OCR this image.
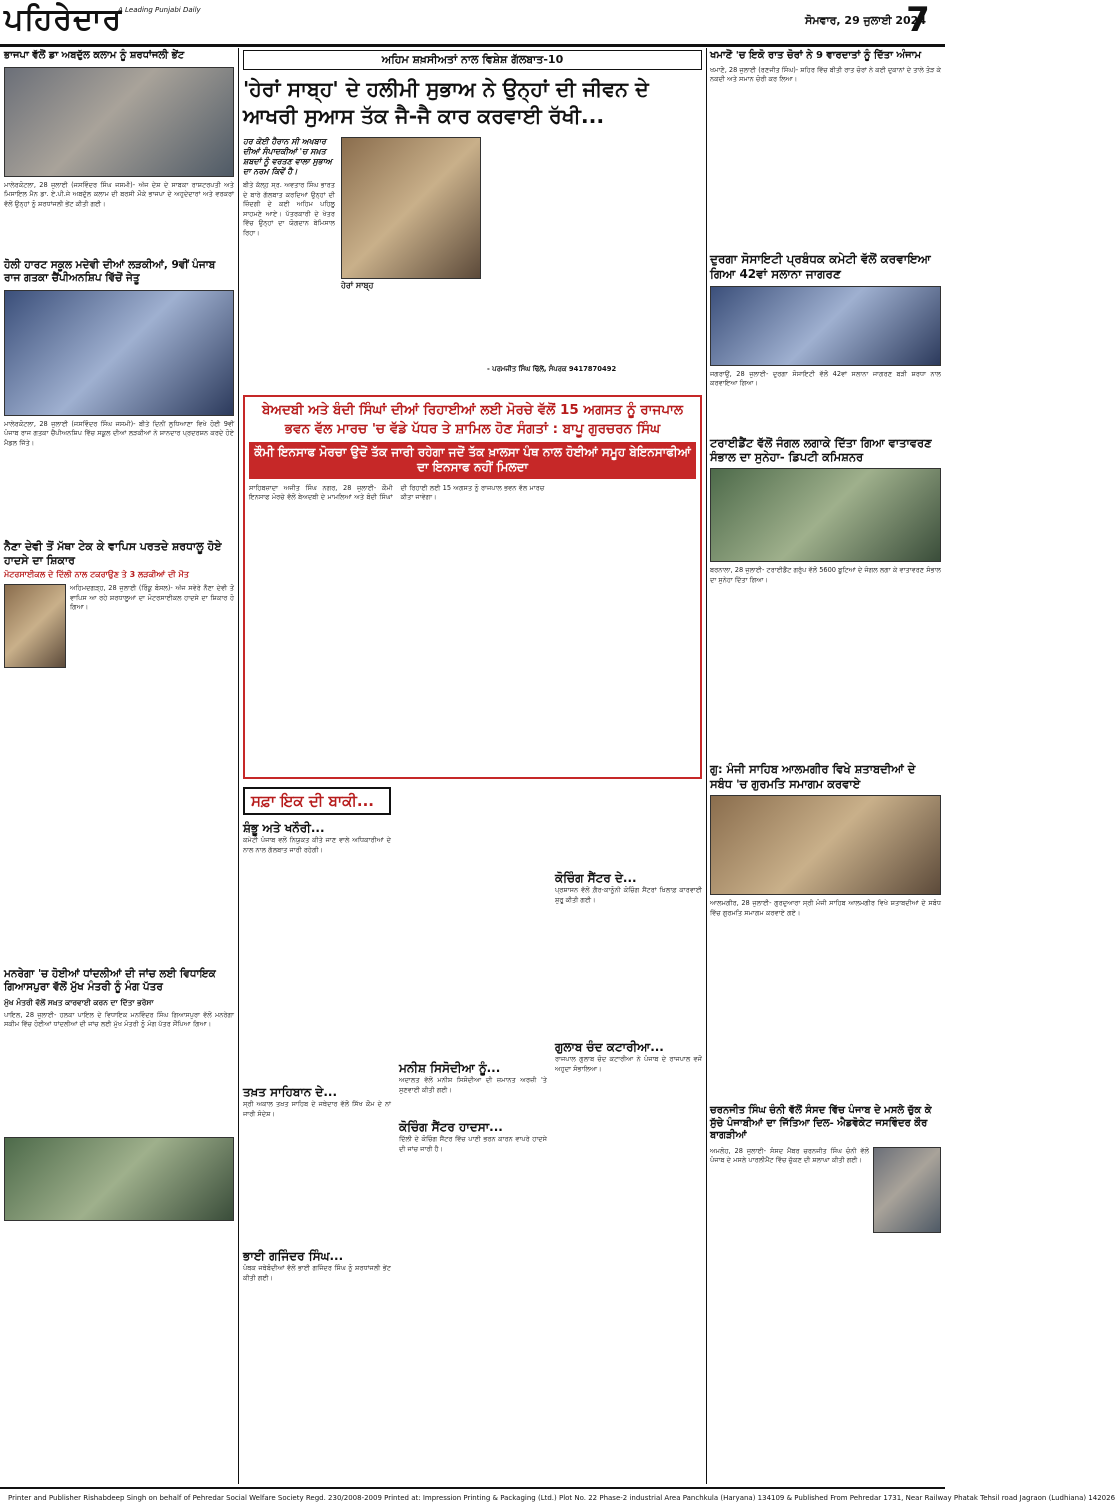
ਪਹਿਰੇਦਾਰ
A Leading Punjabi Daily
ਸੋਮਵਾਰ, 29 ਜੁਲਾਈ 2024
7
ਭਾਜਪਾ ਵੱਲੋਂ ਡਾ ਅਬਦੁੱਲ ਕਲਾਮ ਨੂੰ ਸ਼ਰਧਾਂਜਲੀ ਭੇਂਟ
ਮਾਲੇਰਕੋਟਲਾ, 28 ਜੁਲਾਈ (ਜਸਵਿੰਦਰ ਸਿੰਘ ਜਸਮੀ)- ਅੱਜ ਦੇਸ਼ ਦੇ ਸਾਬਕਾ ਰਾਸ਼ਟਰਪਤੀ ਅਤੇ ਮਿਸਾਇਲ ਮੈਨ ਡਾ. ਏ.ਪੀ.ਜੇ ਅਬਦੁੱਲ ਕਲਾਮ ਦੀ ਬਰਸੀ ਮੌਕੇ ਭਾਜਪਾ ਦੇ ਅਹੁਦੇਦਾਰਾਂ ਅਤੇ ਵਰਕਰਾਂ ਵੱਲੋਂ ਉਨ੍ਹਾਂ ਨੂੰ ਸ਼ਰਧਾਂਜਲੀ ਭੇਂਟ ਕੀਤੀ ਗਈ।
ਹੋਲੀ ਹਾਰਟ ਸਕੂਲ ਮਦੇਵੀ ਦੀਆਂ ਲੜਕੀਆਂ, 9ਵੀਂ ਪੰਜਾਬ ਰਾਜ ਗਤਕਾ ਚੈਂਪੀਅਨਸ਼ਿਪ ਵਿੱਚੋਂ ਜੇਤੂ
ਮਾਲੇਰਕੋਟਲਾ, 28 ਜੁਲਾਈ (ਜਸਵਿੰਦਰ ਸਿੰਘ ਜਸਮੀ)- ਬੀਤੇ ਦਿਨੀਂ ਲੁਧਿਆਣਾ ਵਿਖੇ ਹੋਈ 9ਵੀਂ ਪੰਜਾਬ ਰਾਜ ਗਤਕਾ ਚੈਂਪੀਅਨਸ਼ਿਪ ਵਿੱਚ ਸਕੂਲ ਦੀਆਂ ਲੜਕੀਆਂ ਨੇ ਸ਼ਾਨਦਾਰ ਪ੍ਰਦਰਸ਼ਨ ਕਰਦੇ ਹੋਏ ਮੈਡਲ ਜਿੱਤੇ।
ਨੈਣਾ ਦੇਵੀ ਤੋਂ ਮੱਥਾ ਟੇਕ ਕੇ ਵਾਪਿਸ ਪਰਤਦੇ ਸ਼ਰਧਾਲੂ ਹੋਏ ਹਾਦਸੇ ਦਾ ਸ਼ਿਕਾਰ
ਮੋਟਰਸਾਈਕਲ ਦੇ ਦਿੱਲੀ ਨਾਲ ਟਕਰਾਉਣ ਤੇ 3 ਲੜਕੀਆਂ ਦੀ ਮੌਤ
ਅਹਿਮਦਗੜ੍ਹ, 28 ਜੁਲਾਈ (ਰਿੰਕੂ ਬੰਸਲ)- ਅੱਜ ਸਵੇਰੇ ਨੈਣਾ ਦੇਵੀ ਤੋਂ ਵਾਪਿਸ ਆ ਰਹੇ ਸ਼ਰਧਾਲੂਆਂ ਦਾ ਮੋਟਰਸਾਈਕਲ ਹਾਦਸੇ ਦਾ ਸ਼ਿਕਾਰ ਹੋ ਗਿਆ।
ਮਨਰੇਗਾ 'ਚ ਹੋਈਆਂ ਧਾਂਦਲੀਆਂ ਦੀ ਜਾਂਚ ਲਈ ਵਿਧਾਇਕ ਗਿਆਸਪੁਰਾ ਵੱਲੋਂ ਮੁੱਖ ਮੰਤਰੀ ਨੂੰ ਮੰਗ ਪੱਤਰ
ਮੁੱਖ ਮੰਤਰੀ ਵੱਲੋਂ ਸਖ਼ਤ ਕਾਰਵਾਈ ਕਰਨ ਦਾ ਦਿੱਤਾ ਭਰੋਸਾ
ਪਾਇਲ, 28 ਜੁਲਾਈ- ਹਲਕਾ ਪਾਇਲ ਦੇ ਵਿਧਾਇਕ ਮਨਵਿੰਦਰ ਸਿੰਘ ਗਿਆਸਪੁਰਾ ਵੱਲੋਂ ਮਨਰੇਗਾ ਸਕੀਮ ਵਿੱਚ ਹੋਈਆਂ ਧਾਂਦਲੀਆਂ ਦੀ ਜਾਂਚ ਲਈ ਮੁੱਖ ਮੰਤਰੀ ਨੂੰ ਮੰਗ ਪੱਤਰ ਸੌਂਪਿਆ ਗਿਆ।
ਅਹਿਮ ਸ਼ਖ਼ਸੀਅਤਾਂ ਨਾਲ ਵਿਸ਼ੇਸ਼ ਗੱਲਬਾਤ-10
'ਹੇਰਾਂ ਸਾਬ੍ਹ' ਦੇ ਹਲੀਮੀ ਸੁਭਾਅ ਨੇ ਉਨ੍ਹਾਂ ਦੀ ਜੀਵਨ ਦੇ ਆਖਰੀ ਸੁਆਸ ਤੱਕ ਜੈ-ਜੈ ਕਾਰ ਕਰਵਾਈ ਰੱਖੀ...
ਹਰ ਕੋਈ ਹੈਰਾਨ ਸੀ ਅਖਬਾਰ ਦੀਆਂ ਸੰਪਾਦਕੀਆਂ 'ਚ ਸਖ਼ਤ ਸ਼ਬਦਾਂ ਨੂੰ ਵਰਤਣ ਵਾਲਾ ਸੁਭਾਅ ਦਾ ਨਰਮ ਕਿਵੇਂ ਹੈ।
ਬੀਤੇ ਕੱਲ੍ਹ ਸ੍ਰ. ਅਵਤਾਰ ਸਿੰਘ ਭਾਰਤ ਦੇ ਬਾਰੇ ਗੱਲਬਾਤ ਕਰਦਿਆਂ ਉਨ੍ਹਾਂ ਦੀ ਜ਼ਿੰਦਗੀ ਦੇ ਕਈ ਅਹਿਮ ਪਹਿਲੂ ਸਾਹਮਣੇ ਆਏ। ਪੱਤਰਕਾਰੀ ਦੇ ਖੇਤਰ ਵਿੱਚ ਉਨ੍ਹਾਂ ਦਾ ਯੋਗਦਾਨ ਬੇਮਿਸਾਲ ਰਿਹਾ।
ਹੇਰਾਂ ਸਾਬ੍ਹ
- ਪਰਮਜੀਤ ਸਿੰਘ ਢਿੱਲੋਂ, ਸੰਪਰਕ 9417870492
ਬੇਅਦਬੀ ਅਤੇ ਬੰਦੀ ਸਿੰਘਾਂ ਦੀਆਂ ਰਿਹਾਈਆਂ ਲਈ ਮੋਰਚੇ ਵੱਲੋਂ 15 ਅਗਸਤ ਨੂੰ ਰਾਜਪਾਲ ਭਵਨ ਵੱਲ ਮਾਰਚ 'ਚ ਵੱਡੇ ਪੱਧਰ ਤੇ ਸ਼ਾਮਿਲ ਹੋਣ ਸੰਗਤਾਂ : ਬਾਪੂ ਗੁਰਚਰਨ ਸਿੰਘ
ਕੌਮੀ ਇਨਸਾਫ ਮੋਰਚਾ ਉਦੋਂ ਤੱਕ ਜਾਰੀ ਰਹੇਗਾ ਜਦੋਂ ਤੱਕ ਖ਼ਾਲਸਾ ਪੰਥ ਨਾਲ ਹੋਈਆਂ ਸਮੂਹ ਬੇਇਨਸਾਫੀਆਂ ਦਾ ਇਨਸਾਫ ਨਹੀਂ ਮਿਲਦਾ
ਸਾਹਿਬਜ਼ਾਦਾ ਅਜੀਤ ਸਿੰਘ ਨਗਰ, 28 ਜੁਲਾਈ- ਕੌਮੀ ਇਨਸਾਫ ਮੋਰਚੇ ਵੱਲੋਂ ਬੇਅਦਬੀ ਦੇ ਮਾਮਲਿਆਂ ਅਤੇ ਬੰਦੀ ਸਿੰਘਾਂ ਦੀ ਰਿਹਾਈ ਲਈ 15 ਅਗਸਤ ਨੂੰ ਰਾਜਪਾਲ ਭਵਨ ਵੱਲ ਮਾਰਚ ਕੀਤਾ ਜਾਵੇਗਾ।
ਸਫ਼ਾ ਇਕ ਦੀ ਬਾਕੀ...
ਸ਼ੰਭੂ ਅਤੇ ਖਨੌਰੀ...
ਕਮੇਟੀ ਪੰਜਾਬ ਵਲੋਂ ਨਿਯੁਕਤ ਕੀਤੇ ਜਾਣ ਵਾਲੇ ਅਧਿਕਾਰੀਆਂ ਦੇ ਨਾਲ ਨਾਲ ਗੱਲਬਾਤ ਜਾਰੀ ਰਹੇਗੀ।
ਤਖ਼ਤ ਸਾਹਿਬਾਨ ਦੇ...
ਸ੍ਰੀ ਅਕਾਲ ਤਖ਼ਤ ਸਾਹਿਬ ਦੇ ਜਥੇਦਾਰ ਵੱਲੋਂ ਸਿੱਖ ਕੌਮ ਦੇ ਨਾਂ ਜਾਰੀ ਸੰਦੇਸ਼।
ਭਾਈ ਗਜਿੰਦਰ ਸਿੰਘ...
ਪੰਥਕ ਜਥੇਬੰਦੀਆਂ ਵੱਲੋਂ ਭਾਈ ਗਜਿੰਦਰ ਸਿੰਘ ਨੂੰ ਸ਼ਰਧਾਂਜਲੀ ਭੇਂਟ ਕੀਤੀ ਗਈ।
ਮਨੀਸ਼ ਸਿਸੋਦੀਆ ਨੂੰ...
ਅਦਾਲਤ ਵੱਲੋਂ ਮਨੀਸ਼ ਸਿਸੋਦੀਆ ਦੀ ਜ਼ਮਾਨਤ ਅਰਜ਼ੀ 'ਤੇ ਸੁਣਵਾਈ ਕੀਤੀ ਗਈ।
ਕੋਚਿੰਗ ਸੈਂਟਰ ਹਾਦਸਾ...
ਦਿੱਲੀ ਦੇ ਕੋਚਿੰਗ ਸੈਂਟਰ ਵਿੱਚ ਪਾਣੀ ਭਰਨ ਕਾਰਨ ਵਾਪਰੇ ਹਾਦਸੇ ਦੀ ਜਾਂਚ ਜਾਰੀ ਹੈ।
ਕੋਚਿੰਗ ਸੈਂਟਰ ਦੇ...
ਪ੍ਰਸ਼ਾਸਨ ਵੱਲੋਂ ਗ਼ੈਰ-ਕਾਨੂੰਨੀ ਕੋਚਿੰਗ ਸੈਂਟਰਾਂ ਖ਼ਿਲਾਫ਼ ਕਾਰਵਾਈ ਸ਼ੁਰੂ ਕੀਤੀ ਗਈ।
ਗੁਲਾਬ ਚੰਦ ਕਟਾਰੀਆ...
ਰਾਜਪਾਲ ਗੁਲਾਬ ਚੰਦ ਕਟਾਰੀਆ ਨੇ ਪੰਜਾਬ ਦੇ ਰਾਜਪਾਲ ਵਜੋਂ ਅਹੁਦਾ ਸੰਭਾਲਿਆ।
ਖਮਾਣੋਂ 'ਚ ਇਕੋ ਰਾਤ ਚੋਰਾਂ ਨੇ 9 ਵਾਰਦਾਤਾਂ ਨੂੰ ਦਿੱਤਾ ਅੰਜਾਮ
ਖਮਾਣੋਂ, 28 ਜੁਲਾਈ (ਰਣਜੀਤ ਸਿੰਘ)- ਸ਼ਹਿਰ ਵਿੱਚ ਬੀਤੀ ਰਾਤ ਚੋਰਾਂ ਨੇ ਕਈ ਦੁਕਾਨਾਂ ਦੇ ਤਾਲੇ ਤੋੜ ਕੇ ਨਕਦੀ ਅਤੇ ਸਮਾਨ ਚੋਰੀ ਕਰ ਲਿਆ।
ਦੁਰਗਾ ਸੋਸਾਇਟੀ ਪ੍ਰਬੰਧਕ ਕਮੇਟੀ ਵੱਲੋਂ ਕਰਵਾਇਆ ਗਿਆ 42ਵਾਂ ਸਲਾਨਾ ਜਾਗਰਣ
ਜਗਰਾਉਂ, 28 ਜੁਲਾਈ- ਦੁਰਗਾ ਸੋਸਾਇਟੀ ਵੱਲੋਂ 42ਵਾਂ ਸਲਾਨਾ ਜਾਗਰਣ ਬੜੀ ਸ਼ਰਧਾ ਨਾਲ ਕਰਵਾਇਆ ਗਿਆ।
ਟਰਾਈਡੈਂਟ ਵੱਲੋਂ ਜੰਗਲ ਲਗਾਕੇ ਦਿੱਤਾ ਗਿਆ ਵਾਤਾਵਰਣ ਸੰਭਾਲ ਦਾ ਸੁਨੇਹਾ- ਡਿਪਟੀ ਕਮਿਸ਼ਨਰ
ਬਰਨਾਲਾ, 28 ਜੁਲਾਈ- ਟਰਾਈਡੈਂਟ ਗਰੁੱਪ ਵੱਲੋਂ 5600 ਬੂਟਿਆਂ ਦੇ ਜੰਗਲ ਲਗਾ ਕੇ ਵਾਤਾਵਰਣ ਸੰਭਾਲ ਦਾ ਸੁਨੇਹਾ ਦਿੱਤਾ ਗਿਆ।
ਗੁ: ਮੰਜੀ ਸਾਹਿਬ ਆਲਮਗੀਰ ਵਿਖੇ ਸ਼ਤਾਬਦੀਆਂ ਦੇ ਸਬੰਧ 'ਚ ਗੁਰਮਤਿ ਸਮਾਗਮ ਕਰਵਾਏ
ਆਲਮਗੀਰ, 28 ਜੁਲਾਈ- ਗੁਰਦੁਆਰਾ ਸ੍ਰੀ ਮੰਜੀ ਸਾਹਿਬ ਆਲਮਗੀਰ ਵਿਖੇ ਸ਼ਤਾਬਦੀਆਂ ਦੇ ਸਬੰਧ ਵਿੱਚ ਗੁਰਮਤਿ ਸਮਾਗਮ ਕਰਵਾਏ ਗਏ।
ਚਰਨਜੀਤ ਸਿੰਘ ਚੰਨੀ ਵੱਲੋਂ ਸੰਸਦ ਵਿੱਚ ਪੰਜਾਬ ਦੇ ਮਸਲੇ ਚੁੱਕ ਕੇ ਸੁੱਚੇ ਪੰਜਾਬੀਆਂ ਦਾ ਜਿੱਤਿਆ ਦਿਲ- ਐਡਵੋਕੇਟ ਜਸਵਿੰਦਰ ਕੌਰ ਬਾਗੜੀਆਂ
ਅਮਲੋਹ, 28 ਜੁਲਾਈ- ਸੰਸਦ ਮੈਂਬਰ ਚਰਨਜੀਤ ਸਿੰਘ ਚੰਨੀ ਵੱਲੋਂ ਪੰਜਾਬ ਦੇ ਮਸਲੇ ਪਾਰਲੀਮੈਂਟ ਵਿੱਚ ਚੁੱਕਣ ਦੀ ਸ਼ਲਾਘਾ ਕੀਤੀ ਗਈ।
Printer and Publisher Rishabdeep Singh on behalf of Pehredar Social Welfare Society Regd. 230/2008-2009 Printed at: Impression Printing & Packaging (Ltd.) Plot No. 22 Phase-2 industrial Area Panchkula (Haryana) 134109 & Published From Pehredar 1731, Near Railway Phatak Tehsil road Jagraon (Ludhiana) 142026
